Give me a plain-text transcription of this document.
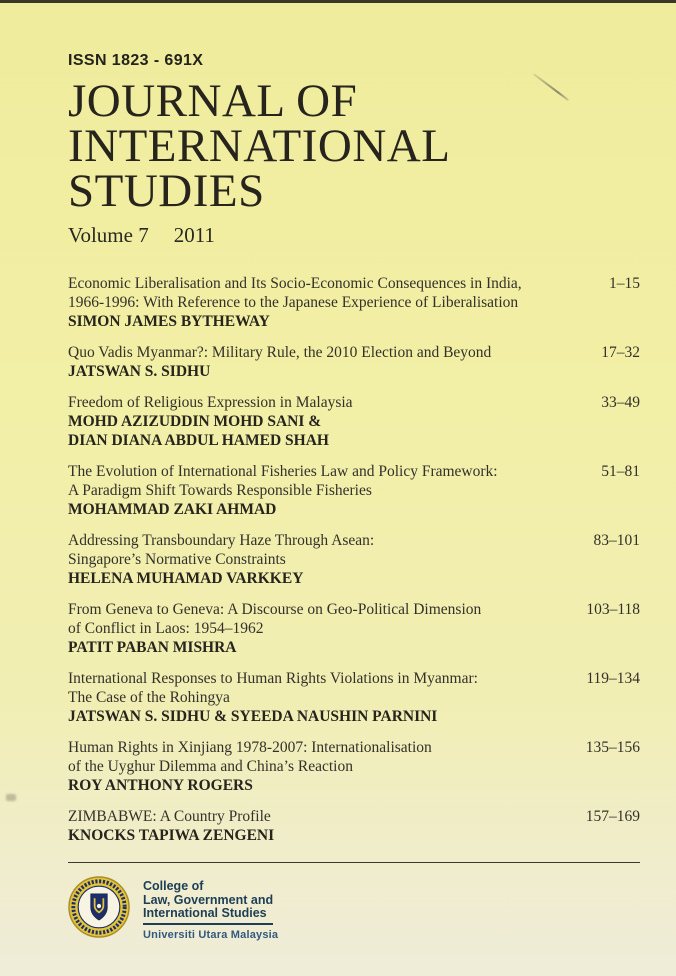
ISSN 1823 - 691X
JOURNAL OF
INTERNATIONAL
STUDIES
Volume 7 2011
Economic Liberalisation and Its Socio-Economic Consequences in India,
1966-1996: With Reference to the Japanese Experience of Liberalisation
SIMON JAMES BYTHEWAY
1–15
Quo Vadis Myanmar?: Military Rule, the 2010 Election and Beyond
JATSWAN S. SIDHU
17–32
Freedom of Religious Expression in Malaysia
MOHD AZIZUDDIN MOHD SANI &
DIAN DIANA ABDUL HAMED SHAH
33–49
The Evolution of International Fisheries Law and Policy Framework:
A Paradigm Shift Towards Responsible Fisheries
MOHAMMAD ZAKI AHMAD
51–81
Addressing Transboundary Haze Through Asean:
Singapore’s Normative Constraints
HELENA MUHAMAD VARKKEY
83–101
From Geneva to Geneva: A Discourse on Geo-Political Dimension
of Conflict in Laos: 1954–1962
PATIT PABAN MISHRA
103–118
International Responses to Human Rights Violations in Myanmar:
The Case of the Rohingya
JATSWAN S. SIDHU & SYEEDA NAUSHIN PARNINI
119–134
Human Rights in Xinjiang 1978-2007: Internationalisation
of the Uyghur Dilemma and China’s Reaction
ROY ANTHONY ROGERS
135–156
ZIMBABWE: A Country Profile
KNOCKS TAPIWA ZENGENI
157–169
College of
Law, Government and
International Studies
Universiti Utara Malaysia
